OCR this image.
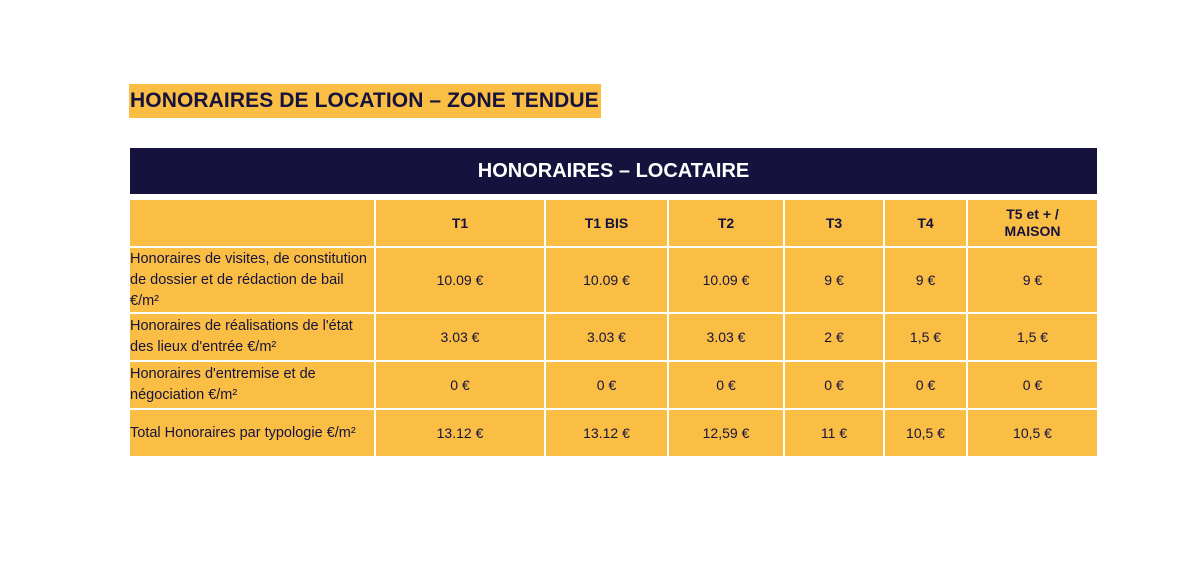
HONORAIRES DE LOCATION – ZONE TENDUE
HONORAIRES – LOCATAIRE						
	T1	T1 BIS	T2	T3	T4	T5 et + / MAISON
Honoraires de visites, de constitution de dossier et de rédaction de bail €/m²	10.09 €	10.09 €	10.09 €	9 €	9 €	9 €
Honoraires de réalisations de l'état des lieux d'entrée €/m²	3.03 €	3.03 €	3.03 €	2 €	1,5 €	1,5 €
Honoraires d'entremise et de négociation €/m²	0 €	0 €	0 €	0 €	0 €	0 €
Total Honoraires par typologie €/m²	13.12 €	13.12 €	12,59 €	11 €	10,5 €	10,5 €
